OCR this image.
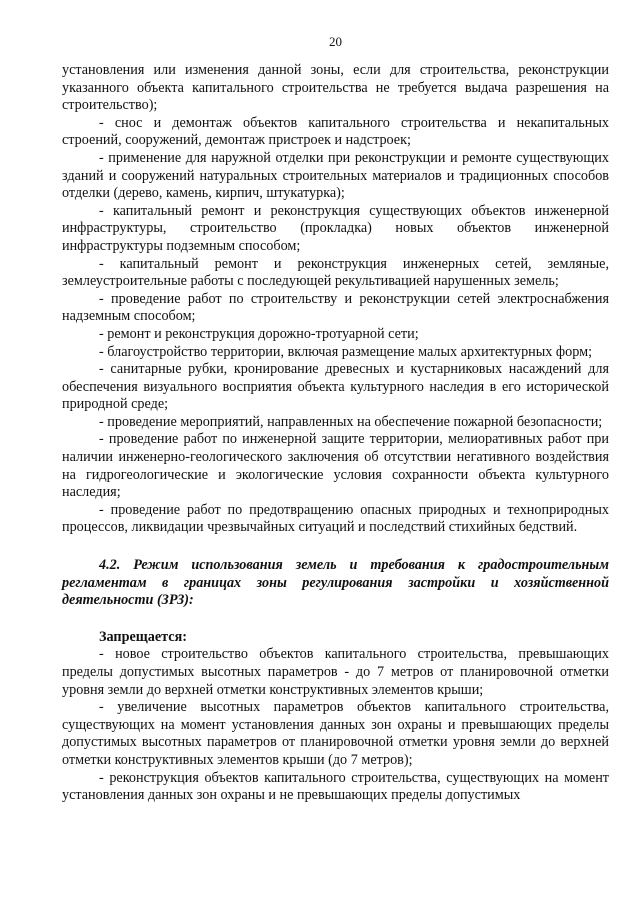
20

установления или изменения данной зоны, если для строительства, реконструкции указанного объекта капитального строительства не требуется выдача разрешения на строительство);

- снос и демонтаж объектов капитального строительства и некапитальных строений, сооружений, демонтаж пристроек и надстроек;

- применение для наружной отделки при реконструкции и ремонте существующих зданий и сооружений натуральных строительных материалов и традиционных способов отделки (дерево, камень, кирпич, штукатурка);

- капитальный ремонт и реконструкция существующих объектов инженерной инфраструктуры, строительство (прокладка) новых объектов инженерной инфраструктуры подземным способом;

- капитальный ремонт и реконструкция инженерных сетей, земляные, землеустроительные работы с последующей рекультивацией нарушенных земель;

- проведение работ по строительству и реконструкции сетей электроснабжения надземным способом;

- ремонт и реконструкция дорожно-тротуарной сети;

- благоустройство территории, включая размещение малых архитектурных форм;

- санитарные рубки, кронирование древесных и кустарниковых насаждений для обеспечения визуального восприятия объекта культурного наследия в его исторической природной среде;

- проведение мероприятий, направленных на обеспечение пожарной безопасности;

- проведение работ по инженерной защите территории, мелиоративных работ при наличии инженерно-геологического заключения об отсутствии негативного воздействия на гидрогеологические и экологические условия сохранности объекта культурного наследия;

- проведение работ по предотвращению опасных природных и технoприродных процессов, ликвидации чрезвычайных ситуаций и последствий стихийных бедствий.

4.2. Режим использования земель и требования к градостроительным регламентам в границах зоны регулирования застройки и хозяйственной деятельности (ЗРЗ):

Запрещается:

- новое строительство объектов капитального строительства, превышающих пределы допустимых высотных параметров - до 7 метров от планировочной отметки уровня земли до верхней отметки конструктивных элементов крыши;

- увеличение высотных параметров объектов капитального строительства, существующих на момент установления данных зон охраны и превышающих пределы допустимых высотных параметров от планировочной отметки уровня земли до верхней отметки конструктивных элементов крыши (до 7 метров);

- реконструкция объектов капитального строительства, существующих на момент установления данных зон охраны и не превышающих пределы допустимых
